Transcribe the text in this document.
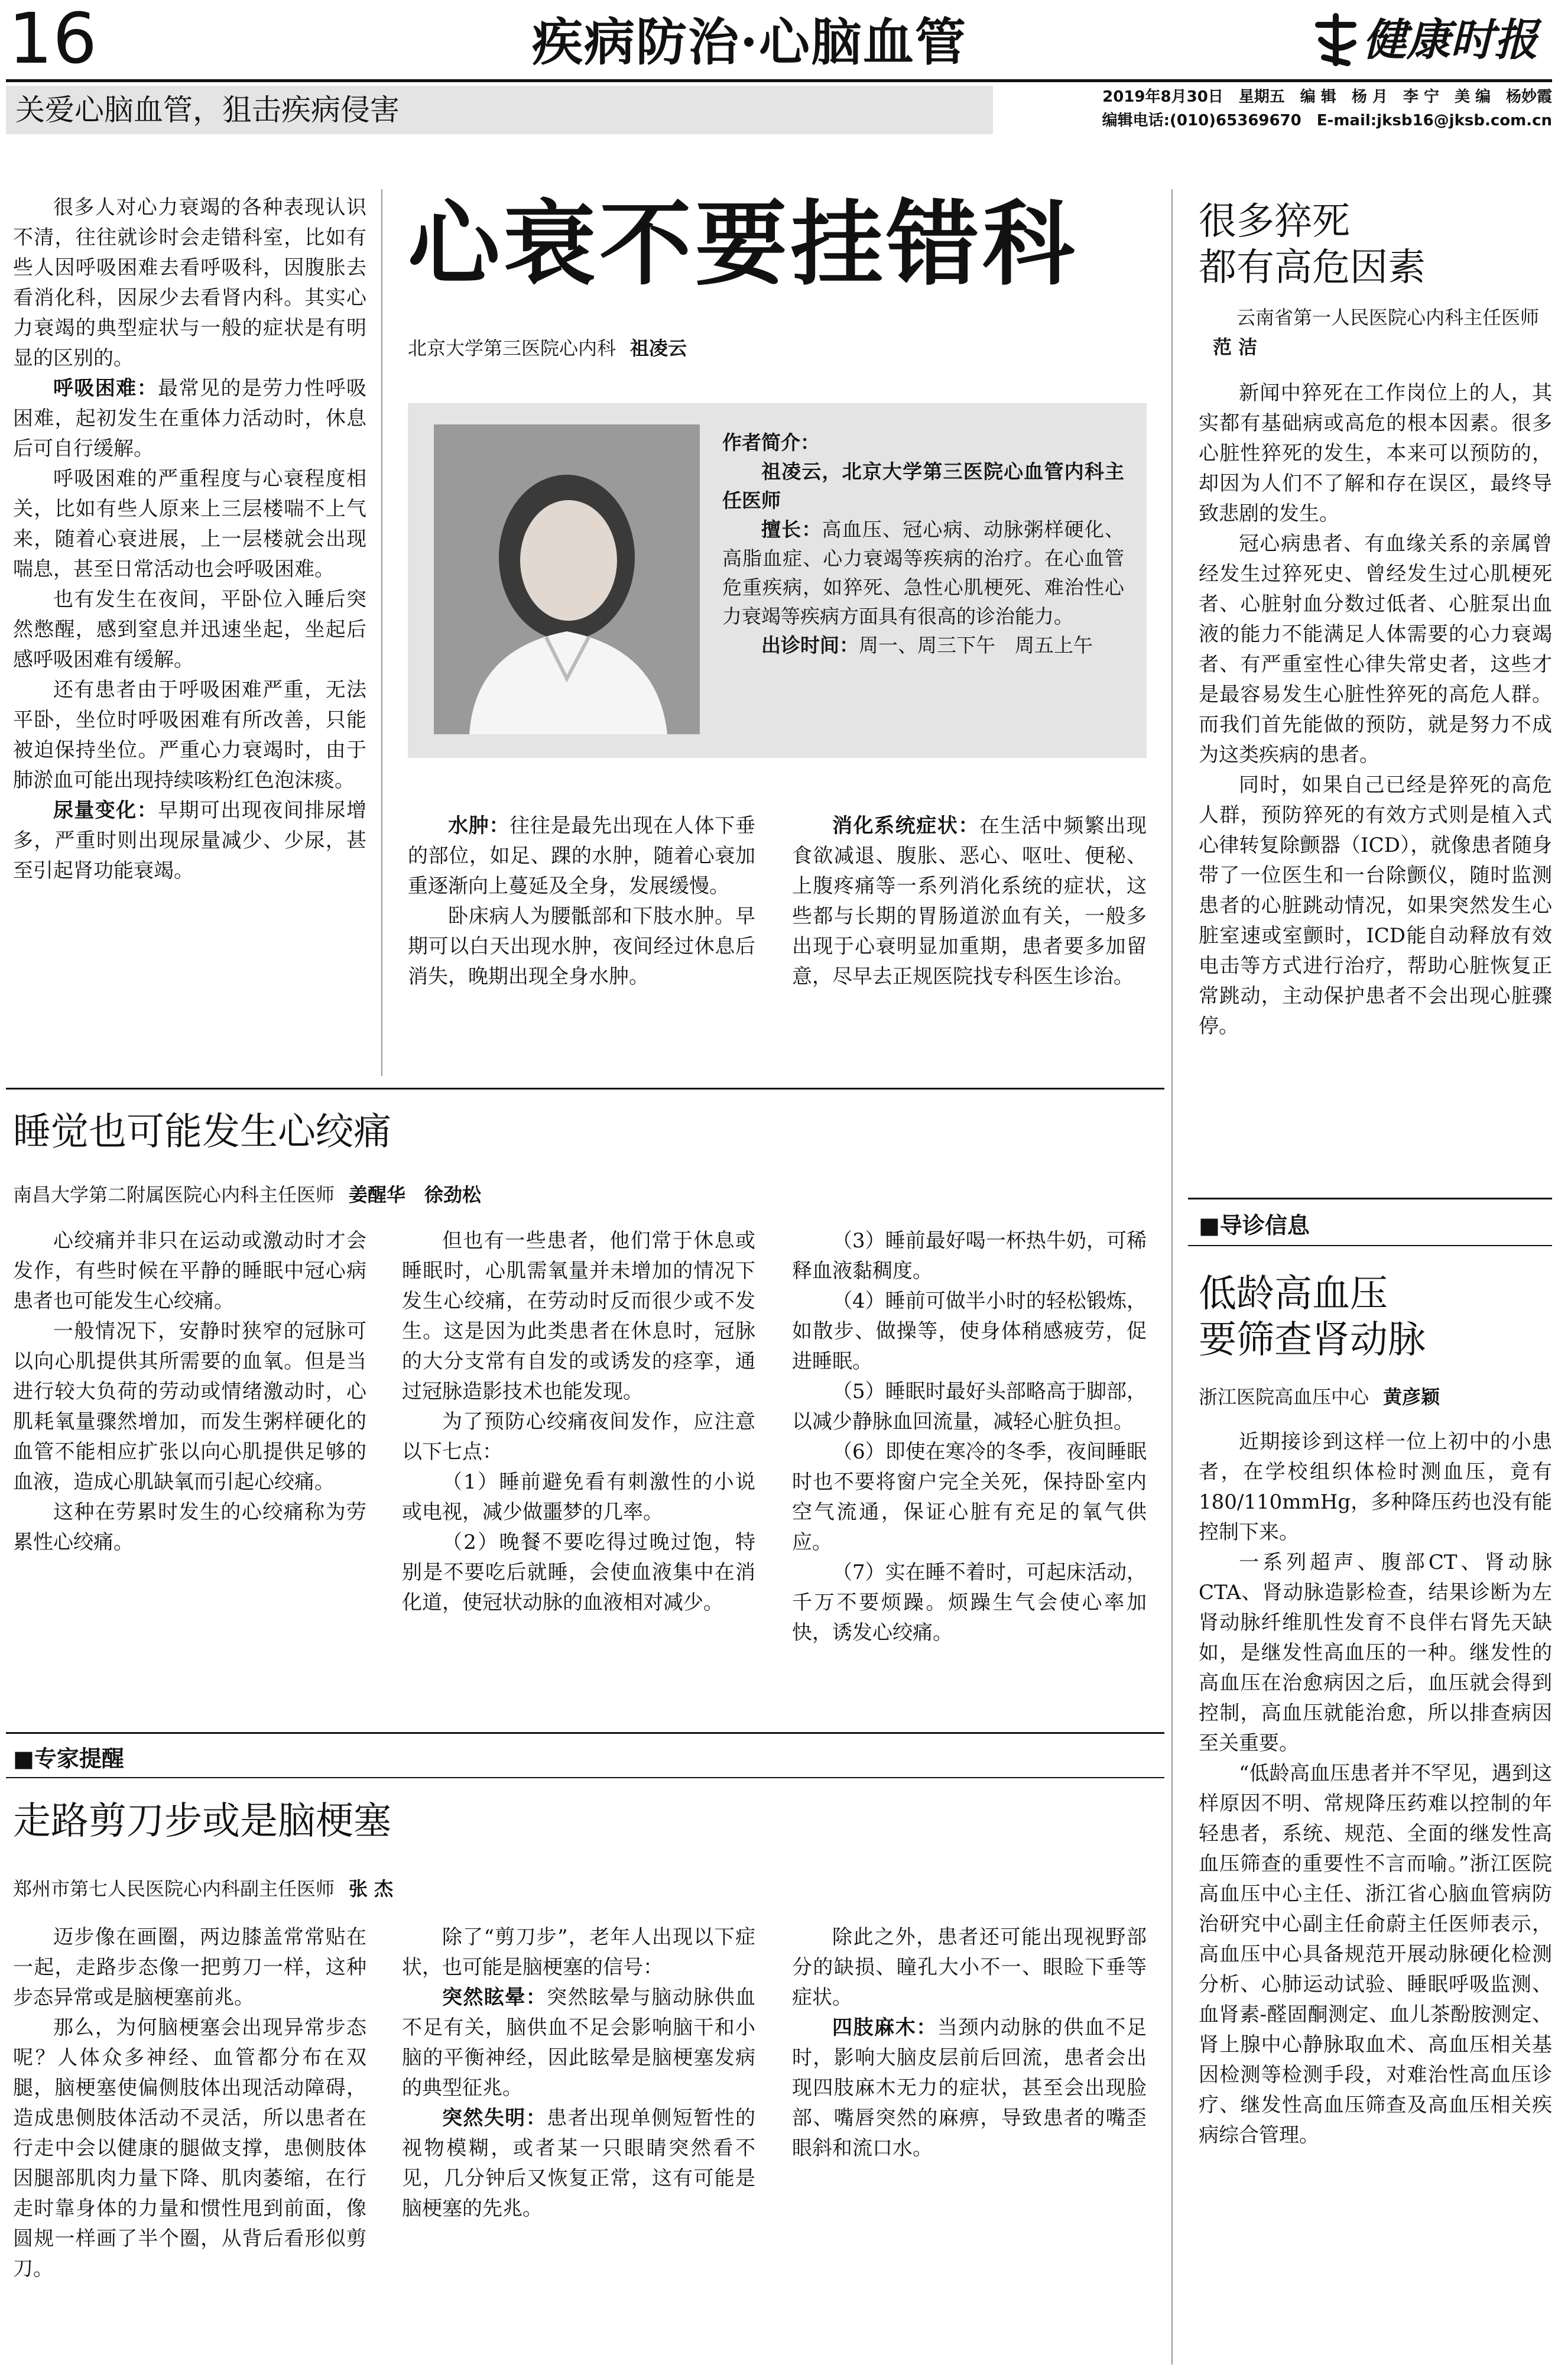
16	疾病防治·心脑血管	健康时报
关爱心脑血管，狙击疾病侵害	2019年8月30日　星期五　编 辑　杨 月　李 宁　美 编　杨妙霞
编辑电话:(010)65369670　E-mail:jksb16@jksb.com.cn

很多人对心力衰竭的各种表现认识不清，往往就诊时会走错科室，比如有些人因呼吸困难去看呼吸科，因腹胀去看消化科，因尿少去看肾内科。其实心力衰竭的典型症状与一般的症状是有明显的区别的。

呼吸困难：最常见的是劳力性呼吸困难，起初发生在重体力活动时，休息后可自行缓解。

呼吸困难的严重程度与心衰程度相关，比如有些人原来上三层楼喘不上气来，随着心衰进展，上一层楼就会出现喘息，甚至日常活动也会呼吸困难。

也有发生在夜间，平卧位入睡后突然憋醒，感到窒息并迅速坐起，坐起后感呼吸困难有缓解。

还有患者由于呼吸困难严重，无法平卧，坐位时呼吸困难有所改善，只能被迫保持坐位。严重心力衰竭时，由于肺淤血可能出现持续咳粉红色泡沫痰。

尿量变化：早期可出现夜间排尿增多，严重时则出现尿量减少、少尿，甚至引起肾功能衰竭。

心衰不要挂错科
北京大学第三医院心内科 祖凌云

作者简介：

祖凌云，北京大学第三医院心血管内科主任医师

擅长：高血压、冠心病、动脉粥样硬化、高脂血症、心力衰竭等疾病的治疗。在心血管危重疾病，如猝死、急性心肌梗死、难治性心力衰竭等疾病方面具有很高的诊治能力。

出诊时间：周一、周三下午　周五上午

水肿：往往是最先出现在人体下垂的部位，如足、踝的水肿，随着心衰加重逐渐向上蔓延及全身，发展缓慢。

卧床病人为腰骶部和下肢水肿。早期可以白天出现水肿，夜间经过休息后消失，晚期出现全身水肿。

消化系统症状：在生活中频繁出现食欲减退、腹胀、恶心、呕吐、便秘、上腹疼痛等一系列消化系统的症状，这些都与长期的胃肠道淤血有关，一般多出现于心衰明显加重期，患者要多加留意，尽早去正规医院找专科医生诊治。

很多猝死
都有高危因素
云南省第一人民医院心内科主任医师范 洁

新闻中猝死在工作岗位上的人，其实都有基础病或高危的根本因素。很多心脏性猝死的发生，本来可以预防的，却因为人们不了解和存在误区，最终导致悲剧的发生。

冠心病患者、有血缘关系的亲属曾经发生过猝死史、曾经发生过心肌梗死者、心脏射血分数过低者、心脏泵出血液的能力不能满足人体需要的心力衰竭者、有严重室性心律失常史者，这些才是最容易发生心脏性猝死的高危人群。而我们首先能做的预防，就是努力不成为这类疾病的患者。

同时，如果自己已经是猝死的高危人群，预防猝死的有效方式则是植入式心律转复除颤器（ICD），就像患者随身带了一位医生和一台除颤仪，随时监测患者的心脏跳动情况，如果突然发生心脏室速或室颤时，ICD能自动释放有效电击等方式进行治疗，帮助心脏恢复正常跳动，主动保护患者不会出现心脏骤停。

■导诊信息
睡觉也可能发生心绞痛
南昌大学第二附属医院心内科主任医师 姜醒华　徐劲松

心绞痛并非只在运动或激动时才会发作，有些时候在平静的睡眠中冠心病患者也可能发生心绞痛。

一般情况下，安静时狭窄的冠脉可以向心肌提供其所需要的血氧。但是当进行较大负荷的劳动或情绪激动时，心肌耗氧量骤然增加，而发生粥样硬化的血管不能相应扩张以向心肌提供足够的血液，造成心肌缺氧而引起心绞痛。

这种在劳累时发生的心绞痛称为劳累性心绞痛。

但也有一些患者，他们常于休息或睡眠时，心肌需氧量并未增加的情况下发生心绞痛，在劳动时反而很少或不发生。这是因为此类患者在休息时，冠脉的大分支常有自发的或诱发的痉挛，通过冠脉造影技术也能发现。

为了预防心绞痛夜间发作，应注意以下七点：

（1）睡前避免看有刺激性的小说或电视，减少做噩梦的几率。

（2）晚餐不要吃得过晚过饱，特别是不要吃后就睡，会使血液集中在消化道，使冠状动脉的血液相对减少。

（3）睡前最好喝一杯热牛奶，可稀释血液黏稠度。

（4）睡前可做半小时的轻松锻炼，如散步、做操等，使身体稍感疲劳，促进睡眠。

（5）睡眠时最好头部略高于脚部，以减少静脉血回流量，减轻心脏负担。

（6）即使在寒冷的冬季，夜间睡眠时也不要将窗户完全关死，保持卧室内空气流通，保证心脏有充足的氧气供应。

（7）实在睡不着时，可起床活动，千万不要烦躁。烦躁生气会使心率加快，诱发心绞痛。

低龄高血压
要筛查肾动脉
浙江医院高血压中心 黄彦颖

近期接诊到这样一位上初中的小患者，在学校组织体检时测血压，竟有180/110mmHg，多种降压药也没有能控制下来。

一系列超声、腹部CT、肾动脉CTA、肾动脉造影检查，结果诊断为左肾动脉纤维肌性发育不良伴右肾先天缺如，是继发性高血压的一种。继发性的高血压在治愈病因之后，血压就会得到控制，高血压就能治愈，所以排查病因至关重要。

“低龄高血压患者并不罕见，遇到这样原因不明、常规降压药难以控制的年轻患者，系统、规范、全面的继发性高血压筛查的重要性不言而喻。”浙江医院高血压中心主任、浙江省心脑血管病防治研究中心副主任俞蔚主任医师表示，高血压中心具备规范开展动脉硬化检测分析、心肺运动试验、睡眠呼吸监测、血肾素-醛固酮测定、血儿茶酚胺测定、肾上腺中心静脉取血术、高血压相关基因检测等检测手段，对难治性高血压诊疗、继发性高血压筛查及高血压相关疾病综合管理。

■专家提醒
走路剪刀步或是脑梗塞
郑州市第七人民医院心内科副主任医师 张 杰

迈步像在画圈，两边膝盖常常贴在一起，走路步态像一把剪刀一样，这种步态异常或是脑梗塞前兆。

那么，为何脑梗塞会出现异常步态呢？人体众多神经、血管都分布在双腿，脑梗塞使偏侧肢体出现活动障碍，造成患侧肢体活动不灵活，所以患者在行走中会以健康的腿做支撑，患侧肢体因腿部肌肉力量下降、肌肉萎缩，在行走时靠身体的力量和惯性甩到前面，像圆规一样画了半个圈，从背后看形似剪刀。

除了“剪刀步”，老年人出现以下症状，也可能是脑梗塞的信号：

突然眩晕：突然眩晕与脑动脉供血不足有关，脑供血不足会影响脑干和小脑的平衡神经，因此眩晕是脑梗塞发病的典型征兆。

突然失明：患者出现单侧短暂性的视物模糊，或者某一只眼睛突然看不见，几分钟后又恢复正常，这有可能是脑梗塞的先兆。

除此之外，患者还可能出现视野部分的缺损、瞳孔大小不一、眼睑下垂等症状。

四肢麻木：当颈内动脉的供血不足时，影响大脑皮层前后回流，患者会出现四肢麻木无力的症状，甚至会出现脸部、嘴唇突然的麻痹，导致患者的嘴歪眼斜和流口水。
